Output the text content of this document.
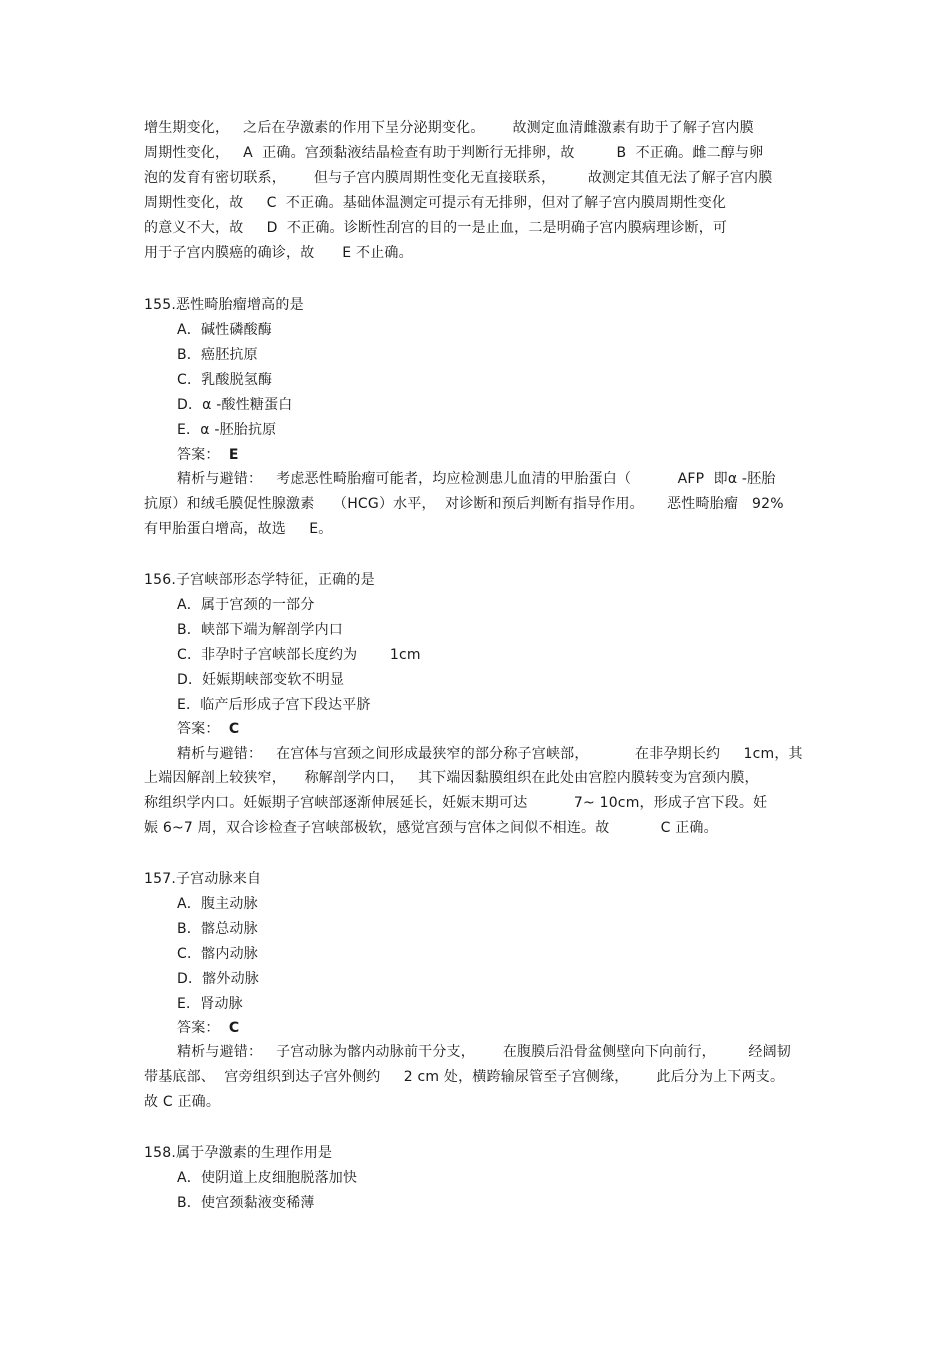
增生期变化，   之后在孕激素的作用下呈分泌期变化。      故测定血清雌激素有助于了解子宫内膜
周期性变化，   A  正确。宫颈黏液结晶检查有助于判断行无排卵，故         B  不正确。雌二醇与卵
泡的发育有密切联系，      但与子宫内膜周期性变化无直接联系，       故测定其值无法了解子宫内膜
周期性变化，故     C  不正确。基础体温测定可提示有无排卵，但对了解子宫内膜周期性变化
的意义不大，故     D  不正确。诊断性刮宫的目的一是止血，二是明确子宫内膜病理诊断，可
用于子宫内膜癌的确诊，故      E 不止确。
155.恶性畸胎瘤增高的是
A．碱性磷酸酶
B．癌胚抗原
C．乳酸脱氢酶
D．α -酸性糖蛋白
E．α -胚胎抗原
答案： E
精析与避错：   考虑恶性畸胎瘤可能者，均应检测患儿血清的甲胎蛋白（          AFP  即α -胚胎
抗原）和绒毛膜促性腺激素    （HCG）水平，  对诊断和预后判断有指导作用。     恶性畸胎瘤   92%
有甲胎蛋白增高，故选     E。
156.子宫峡部形态学特征，正确的是
A．属于宫颈的一部分
B．峡部下端为解剖学内口
C．非孕时子宫峡部长度约为       1cm
D．妊娠期峡部变软不明显
E．临产后形成子宫下段达平脐
答案： C
精析与避错：   在宫体与宫颈之间形成最狭窄的部分称子宫峡部，          在非孕期长约     1cm，其
上端因解剖上较狭窄，    称解剖学内口，   其下端因黏膜组织在此处由宫腔内膜转变为宫颈内膜，
称组织学内口。妊娠期子宫峡部逐渐伸展延长，妊娠末期可达          7~ 10cm，形成子宫下段。妊
娠 6~7 周，双合诊检查子宫峡部极软，感觉宫颈与宫体之间似不相连。故           C 正确。
157.子宫动脉来自
A．腹主动脉
B．髂总动脉
C．髂内动脉
D．髂外动脉
E．肾动脉
答案： C
精析与避错：   子宫动脉为髂内动脉前干分支，      在腹膜后沿骨盆侧壁向下向前行，       经阔韧
带基底部、  宫旁组织到达子宫外侧约     2 cm 处，横跨输尿管至子宫侧缘，      此后分为上下两支。
故 C 正确。
158.属于孕激素的生理作用是
A．使阴道上皮细胞脱落加快
B．使宫颈黏液变稀薄
